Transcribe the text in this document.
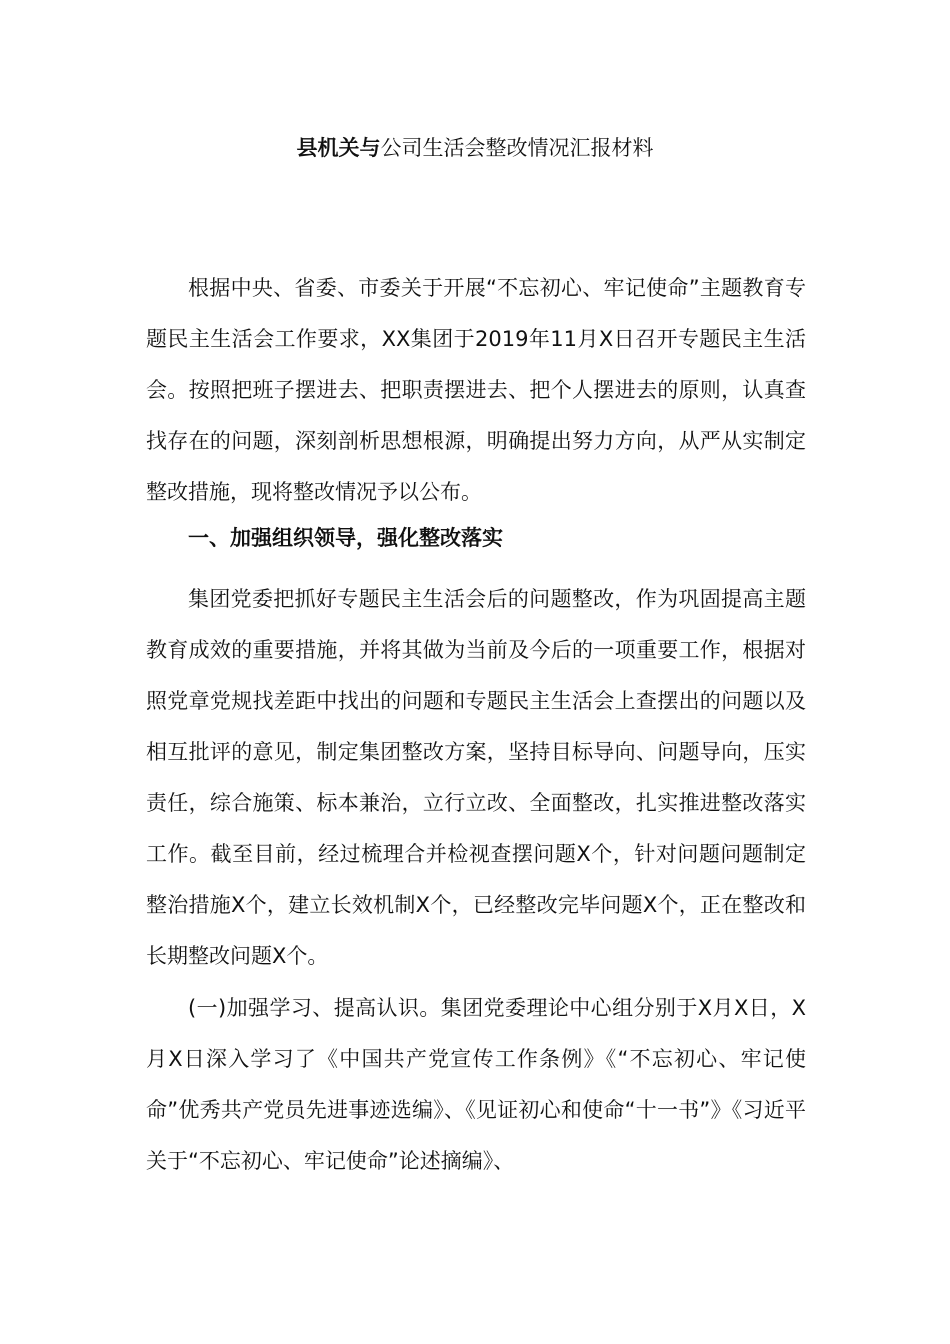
县机关与公司生活会整改情况汇报材料

根据中央、省委、市委关于开展“不忘初心、牢记使命”主题教育专题民主生活会工作要求，XX集团于2019年11月X日召开专题民主生活会。按照把班子摆进去、把职责摆进去、把个人摆进去的原则，认真查找存在的问题，深刻剖析思想根源，明确提出努力方向，从严从实制定整改措施，现将整改情况予以公布。

一、加强组织领导，强化整改落实

集团党委把抓好专题民主生活会后的问题整改，作为巩固提高主题教育成效的重要措施，并将其做为当前及今后的一项重要工作，根据对照党章党规找差距中找出的问题和专题民主生活会上查摆出的问题以及相互批评的意见，制定集团整改方案，坚持目标导向、问题导向，压实责任，综合施策、标本兼治，立行立改、全面整改，扎实推进整改落实工作。截至目前，经过梳理合并检视查摆问题X个，针对问题问题制定整治措施X个，建立长效机制X个，已经整改完毕问题X个，正在整改和长期整改问题X个。

(一)加强学习、提高认识。集团党委理论中心组分别于X月X日，X月X日深入学习了《中国共产党宣传工作条例》《“不忘初心、牢记使命”优秀共产党员先进事迹选编》、《见证初心和使命“十一书”》《习近平关于“不忘初心、牢记使命”论述摘编》、
